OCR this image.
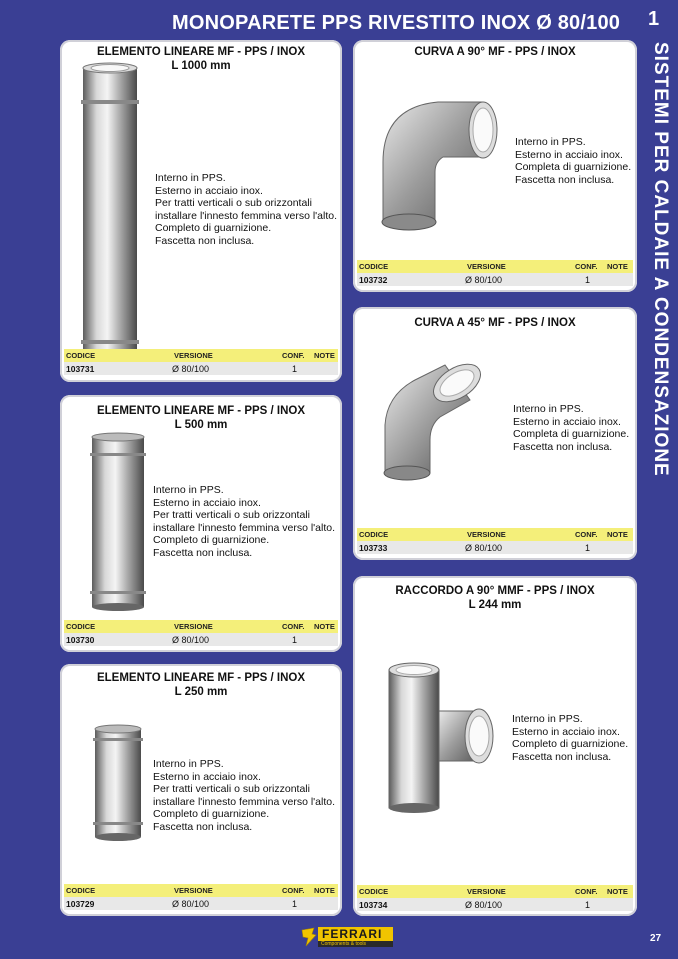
MONOPARETE PPS RIVESTITO INOX Ø 80/100	1
SISTEMI PER CALDAIE A CONDENSAZIONE
ELEMENTO LINEARE MF - PPS / INOX
L 1000 mm
Interno in PPS.
Esterno in acciaio inox.
Per tratti verticali o sub orizzontali
installare l'innesto femmina verso l'alto.
Completo di guarnizione.
Fascetta non inclusa.
CODICE	VERSIONE	CONF. NOTE
103731	Ø 80/100	1
CURVA A 90° MF - PPS / INOX
Interno in PPS.
Esterno in acciaio inox.
Completa di guarnizione.
Fascetta non inclusa.
CODICE	VERSIONE	CONF. NOTE
103732	Ø 80/100	1
CURVA A 45° MF - PPS / INOX
Interno in PPS.
Esterno in acciaio inox.
Completa di guarnizione.
Fascetta non inclusa.
CODICE	VERSIONE	CONF. NOTE
103733	Ø 80/100	1
ELEMENTO LINEARE MF - PPS / INOX
L 500 mm
Interno in PPS.
Esterno in acciaio inox.
Per tratti verticali o sub orizzontali
installare l'innesto femmina verso l'alto.
Completo di guarnizione.
Fascetta non inclusa.
CODICE	VERSIONE	CONF. NOTE
103730	Ø 80/100	1
RACCORDO A 90° MMF - PPS / INOX
L 244 mm
Interno in PPS.
Esterno in acciaio inox.
Completo di guarnizione.
Fascetta non inclusa.
CODICE	VERSIONE	CONF. NOTE
103734	Ø 80/100	1
ELEMENTO LINEARE MF - PPS / INOX
L 250 mm
Interno in PPS.
Esterno in acciaio inox.
Per tratti verticali o sub orizzontali
installare l'innesto femmina verso l'alto.
Completo di guarnizione.
Fascetta non inclusa.
CODICE	VERSIONE	CONF. NOTE
103729	Ø 80/100	1
FERRARI
Components & tools	27
